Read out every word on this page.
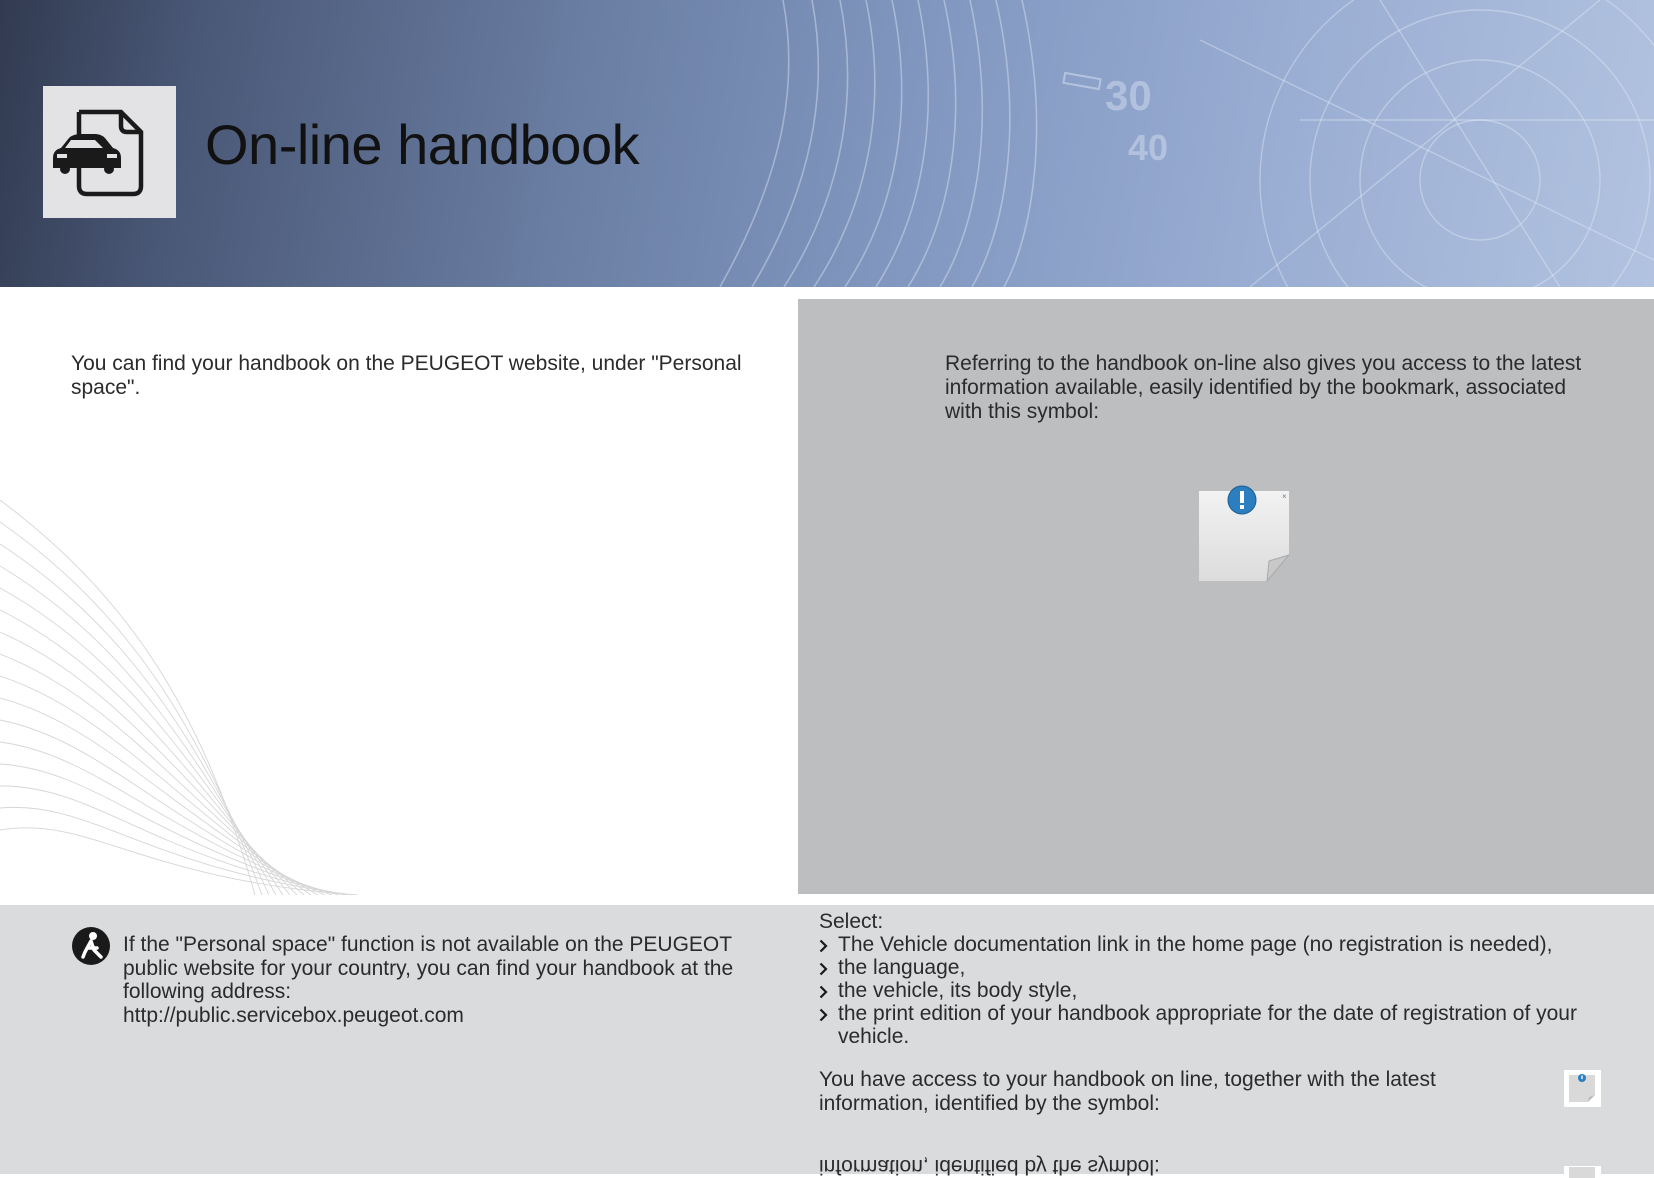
30
40
On-line handbook

You can find your handbook on the PEUGEOT website, under "Personal space".

Referring to the handbook on-line also gives you access to the latest information available, easily identified by the bookmark, associated with this symbol:

×

If the "Personal space" function is not available on the PEUGEOT public website for your country, you can find your handbook at the following address:
http://public.servicebox.peugeot.com

Select:

The Vehicle documentation link in the home page (no registration is needed),
the language,
the vehicle, its body style,
the print edition of your handbook appropriate for the date of registration of your vehicle.

You have access to your handbook on line, together with the latest information, identified by the symbol:

information, identified by the symbol:
